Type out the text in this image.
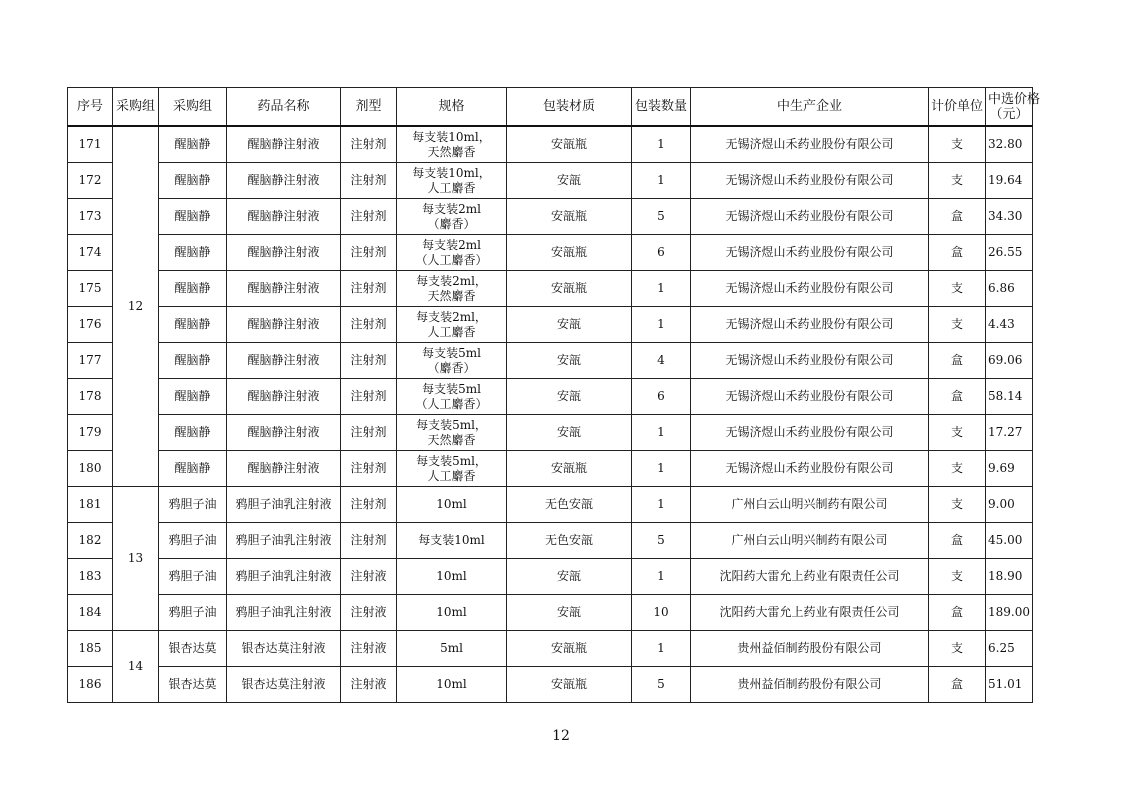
序号	采购组	采购组	药品名称	剂型	规格	包装材质	包装数量	中生产企业	计价单位	中选价格
（元）
171	12	醒脑静	醒脑静注射液	注射剂	每支装10ml，
天然麝香	安瓿瓶	1	无锡济煜山禾药业股份有限公司	支	32.80
172		醒脑静	醒脑静注射液	注射剂	每支装10ml，
人工麝香	安瓿	1	无锡济煜山禾药业股份有限公司	支	19.64
173		醒脑静	醒脑静注射液	注射剂	每支装2ml
（麝香）	安瓿瓶	5	无锡济煜山禾药业股份有限公司	盒	34.30
174		醒脑静	醒脑静注射液	注射剂	每支装2ml
（人工麝香）	安瓿瓶	6	无锡济煜山禾药业股份有限公司	盒	26.55
175		醒脑静	醒脑静注射液	注射剂	每支装2ml，
天然麝香	安瓿瓶	1	无锡济煜山禾药业股份有限公司	支	6.86
176		醒脑静	醒脑静注射液	注射剂	每支装2ml，
人工麝香	安瓿	1	无锡济煜山禾药业股份有限公司	支	4.43
177		醒脑静	醒脑静注射液	注射剂	每支装5ml
（麝香）	安瓿	4	无锡济煜山禾药业股份有限公司	盒	69.06
178		醒脑静	醒脑静注射液	注射剂	每支装5ml
（人工麝香）	安瓿	6	无锡济煜山禾药业股份有限公司	盒	58.14
179		醒脑静	醒脑静注射液	注射剂	每支装5ml，
天然麝香	安瓿	1	无锡济煜山禾药业股份有限公司	支	17.27
180		醒脑静	醒脑静注射液	注射剂	每支装5ml，
人工麝香	安瓿瓶	1	无锡济煜山禾药业股份有限公司	支	9.69
181	13	鸦胆子油	鸦胆子油乳注射液	注射剂	10ml	无色安瓿	1	广州白云山明兴制药有限公司	支	9.00
182		鸦胆子油	鸦胆子油乳注射液	注射剂	每支装10ml	无色安瓿	5	广州白云山明兴制药有限公司	盒	45.00
183		鸦胆子油	鸦胆子油乳注射液	注射液	10ml	安瓿	1	沈阳药大雷允上药业有限责任公司	支	18.90
184		鸦胆子油	鸦胆子油乳注射液	注射液	10ml	安瓿	10	沈阳药大雷允上药业有限责任公司	盒	189.00
185	14	银杏达莫	银杏达莫注射液	注射液	5ml	安瓿瓶	1	贵州益佰制药股份有限公司	支	6.25
186		银杏达莫	银杏达莫注射液	注射液	10ml	安瓿瓶	5	贵州益佰制药股份有限公司	盒	51.01
12
